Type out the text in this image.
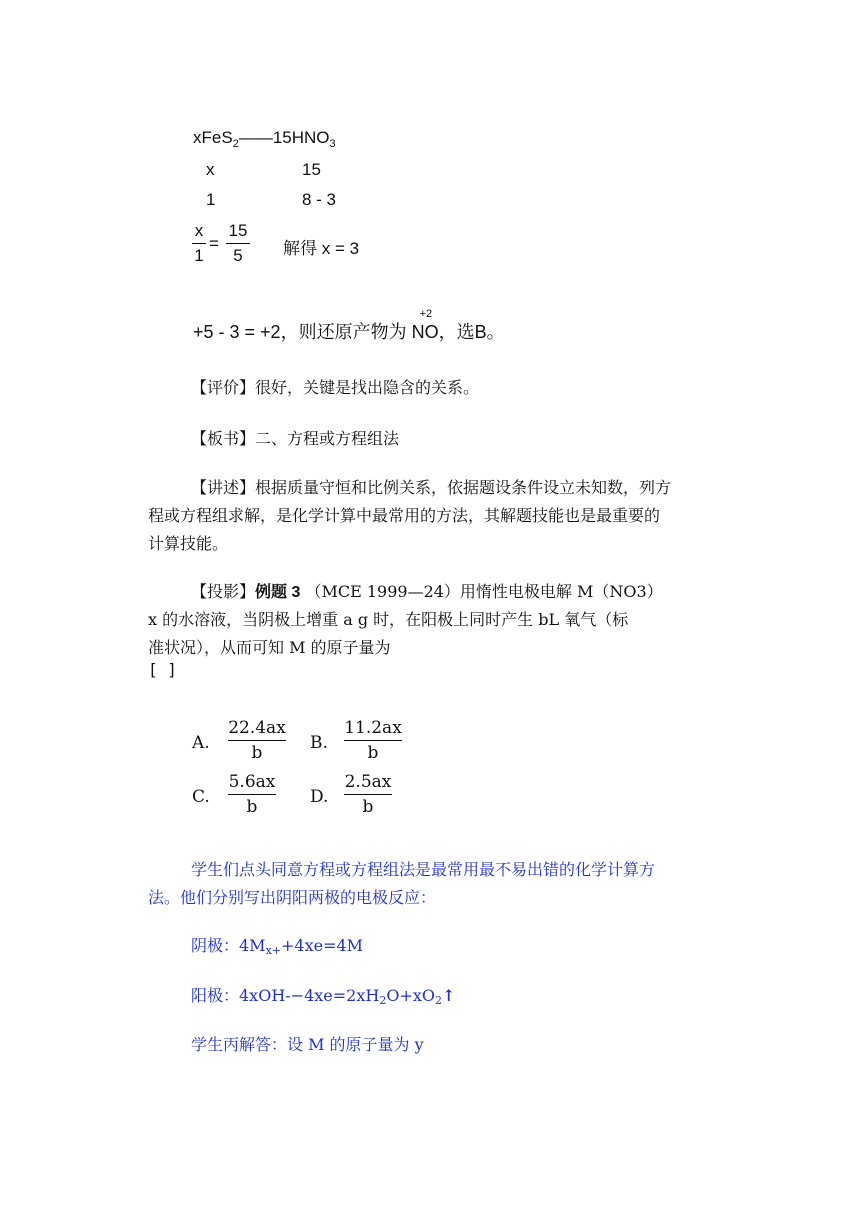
$xFeS_2——15HNO_3$
x	15
1	8 - 3
x
1
=
15
5	解得 x = 3
+5 - 3 = +2，则还原产物为
+2
NO，选B。
【评价】很好，关键是找出隐含的关系。
【板书】二、方程或方程组法
【讲述】根据质量守恒和比例关系，依据题设条件设立未知数，列方
程或方程组求解，是化学计算中最常用的方法，其解题技能也是最重要的
计算技能。
【投影】例题 3 （MCE 1999—24）用惰性电极电解 M（NO3）
x 的水溶液，当阴极上增重 a g 时，在阳极上同时产生 bL 氧气（标
准状况），从而可知 M 的原子量为
[ ]
A.
22.4ax
b	B.
11.2ax
b
C.
5.6ax
b	D.
2.5ax
b
学生们点头同意方程或方程组法是最常用最不易出错的化学计算方
法。他们分别写出阴阳两极的电极反应：
阴极：4Mx++4xe=4M
阳极：4xOH-−4xe=2xH2O+xO2↑
学生丙解答：设 M 的原子量为 y
